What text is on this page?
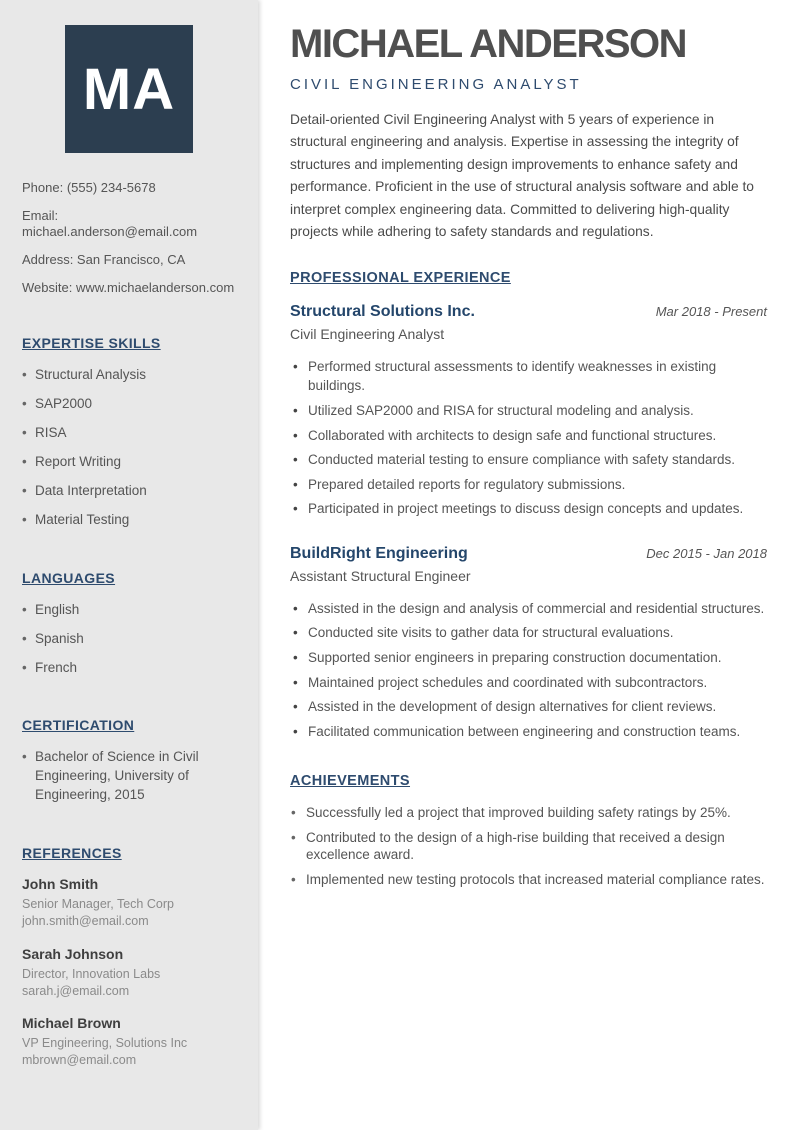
MA
Phone: (555) 234-5678
Email: michael.anderson@email.com
Address: San Francisco, CA
Website: www.michaelanderson.com
EXPERTISE SKILLS
• Structural Analysis
• SAP2000
• RISA
• Report Writing
• Data Interpretation
• Material Testing
LANGUAGES
• English
• Spanish
• French
CERTIFICATION
• Bachelor of Science in Civil Engineering, University of Engineering, 2015
REFERENCES
John Smith
Senior Manager, Tech Corp
john.smith@email.com
Sarah Johnson
Director, Innovation Labs
sarah.j@email.com
Michael Brown
VP Engineering, Solutions Inc
mbrown@email.com
MICHAEL ANDERSON
CIVIL ENGINEERING ANALYST

Detail-oriented Civil Engineering Analyst with 5 years of experience in structural engineering and analysis. Expertise in assessing the integrity of structures and implementing design improvements to enhance safety and performance. Proficient in the use of structural analysis software and able to interpret complex engineering data. Committed to delivering high-quality projects while adhering to safety standards and regulations.

PROFESSIONAL EXPERIENCE
Structural Solutions Inc.	Mar 2018 - Present
Civil Engineering Analyst
• Performed structural assessments to identify weaknesses in existing buildings.
• Utilized SAP2000 and RISA for structural modeling and analysis.
• Collaborated with architects to design safe and functional structures.
• Conducted material testing to ensure compliance with safety standards.
• Prepared detailed reports for regulatory submissions.
• Participated in project meetings to discuss design concepts and updates.
BuildRight Engineering	Dec 2015 - Jan 2018
Assistant Structural Engineer
• Assisted in the design and analysis of commercial and residential structures.
• Conducted site visits to gather data for structural evaluations.
• Supported senior engineers in preparing construction documentation.
• Maintained project schedules and coordinated with subcontractors.
• Assisted in the development of design alternatives for client reviews.
• Facilitated communication between engineering and construction teams.
ACHIEVEMENTS
• Successfully led a project that improved building safety ratings by 25%.
• Contributed to the design of a high-rise building that received a design excellence award.
• Implemented new testing protocols that increased material compliance rates.
